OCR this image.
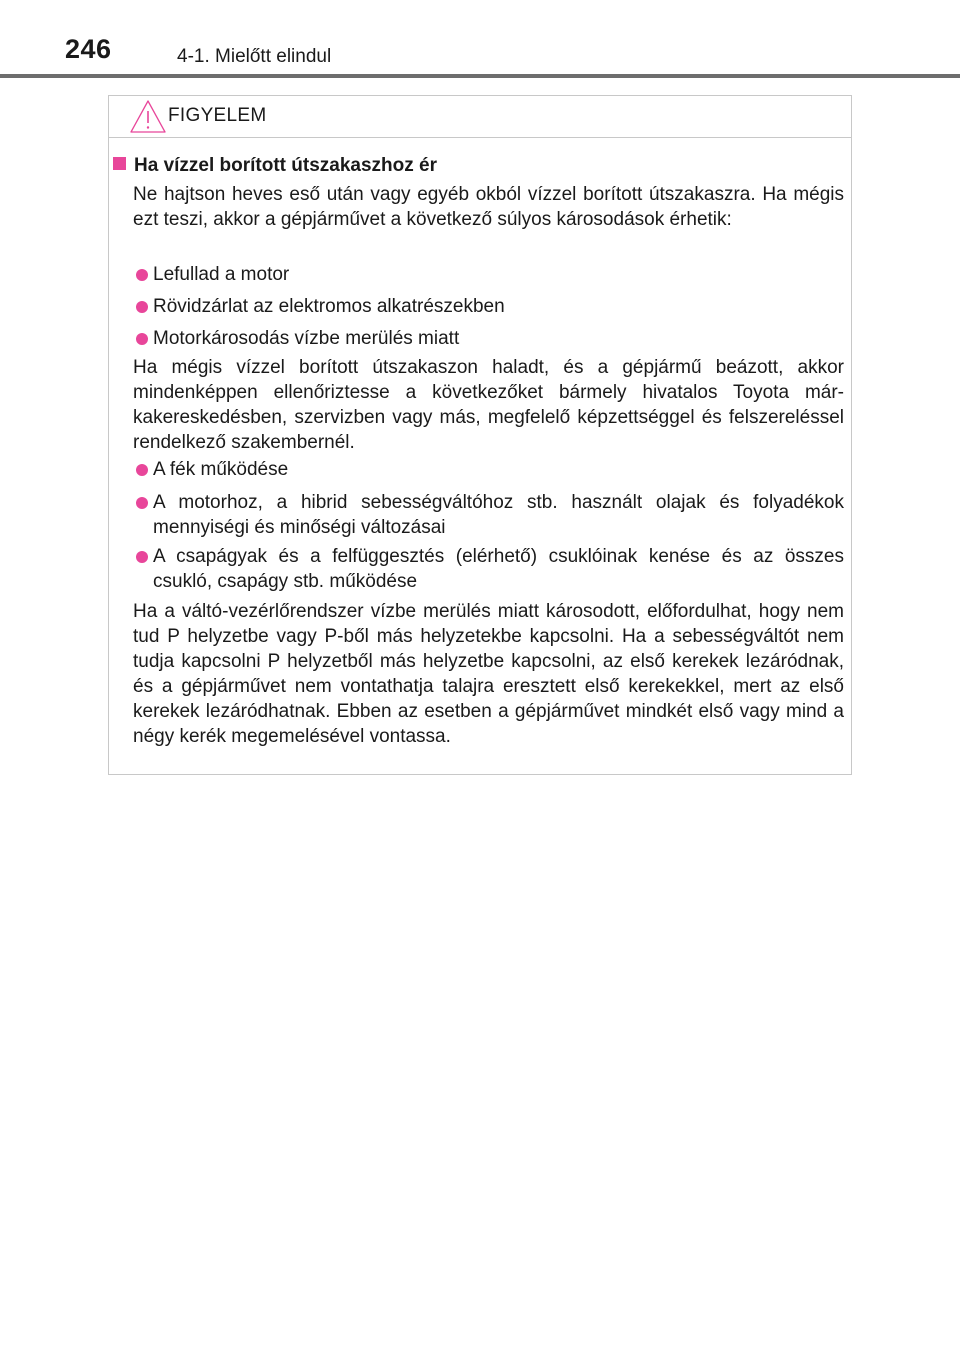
246	4-1. Mielőtt elindul
FIGYELEM
Ha vízzel borított útszakaszhoz ér
Ne hajtson heves eső után vagy egyéb okból vízzel borított útszakaszra. Ha mégis ezt teszi, akkor a gépjárművet a következő súlyos károsodások érhetik:
Lefullad a motor
Rövidzárlat az elektromos alkatrészekben
Motorkárosodás vízbe merülés miatt
Ha mégis vízzel borított útszakaszon haladt, és a gépjármű beázott, akkor mindenképpen ellenőriztesse a következőket bármely hivatalos Toyota márkakereskedésben, szervizben vagy más, megfelelő képzettséggel és felszereléssel rendelkező szakembernél.
A fék működése
A motorhoz, a hibrid sebességváltóhoz stb. használt olajak és folyadékok mennyiségi és minőségi változásai
A csapágyak és a felfüggesztés (elérhető) csuklóinak kenése és az összes csukló, csapágy stb. működése
Ha a váltó-vezérlőrendszer vízbe merülés miatt károsodott, előfordulhat, hogy nem tud P helyzetbe vagy P-ből más helyzetekbe kapcsolni. Ha a sebességváltót nem tudja kapcsolni P helyzetből más helyzetbe kapcsolni, az első kerekek lezáródnak, és a gépjárművet nem vontathatja talajra eresztett első kerekekkel, mert az első kerekek lezáródhatnak. Ebben az esetben a gépjárművet mindkét első vagy mind a négy kerék megemelésével vontassa.
